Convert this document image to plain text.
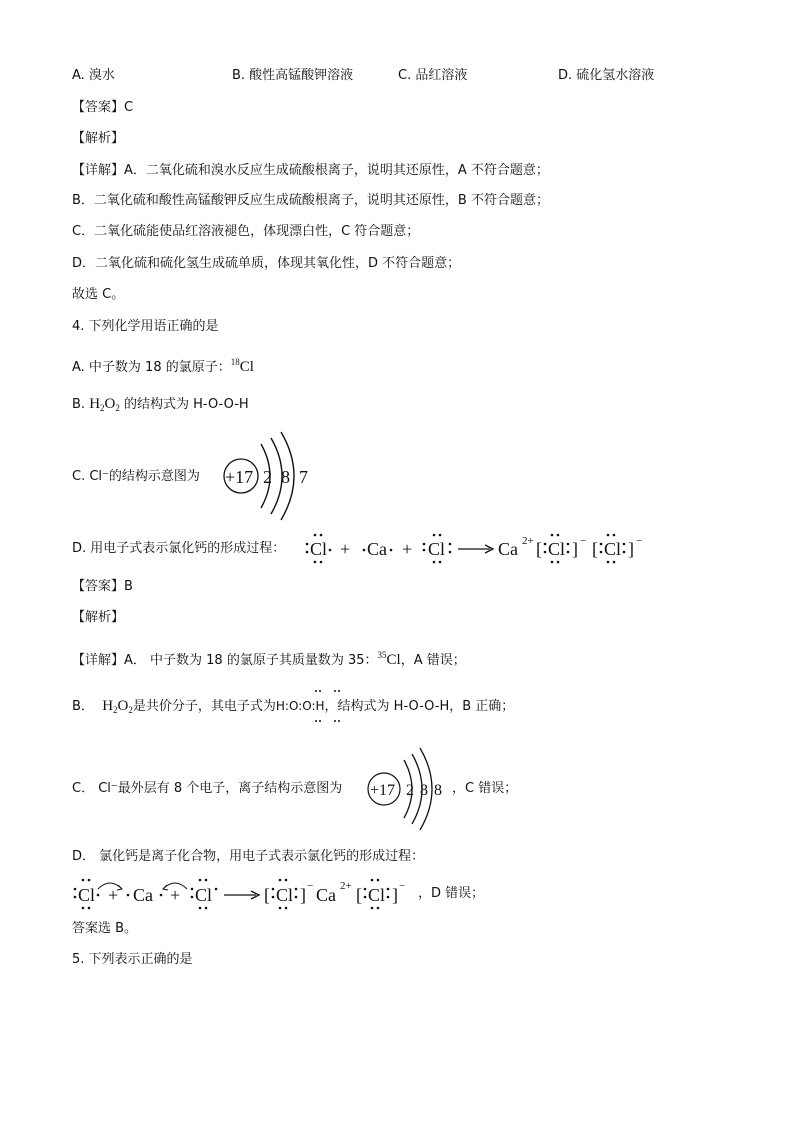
A. 溴水	B. 酸性高锰酸钾溶液	C. 品红溶液	D. 硫化氢水溶液
【答案】C
【解析】
【详解】A．二氧化硫和溴水反应生成硫酸根离子，说明其还原性，A 不符合题意；
B．二氧化硫和酸性高锰酸钾反应生成硫酸根离子，说明其还原性，B 不符合题意；
C．二氧化硫能使品红溶液褪色，体现漂白性，C 符合题意；
D．二氧化硫和硫化氢生成硫单质，体现其氧化性，D 不符合题意；
故选 C。
4. 下列化学用语正确的是
A. 中子数为 18 的氯原子：$^{18}$Cl
B. $H_2O_2$ 的结构式为 H-O-O-H
C. Cl⁻的结构示意图为 +17 2 8 7
D. 用电子式表示氯化钙的形成过程： Cl + Ca + Cl	Ca 2+ [ Cl ] − [ Cl ] −
【答案】B
【解析】
【详解】A． 中子数为 18 的氯原子其质量数为 35：$^{35}$Cl，A 错误；
B． $H_2O_2$是共价分子，其电子式为H:O:O:H，结构式为 H-O-O-H，B 正确；
C． Cl⁻最外层有 8 个电子，离子结构示意图为 +17 2 8 8 ，C 错误；
D． 氯化钙是离子化合物，用电子式表示氯化钙的形成过程：
Cl + Ca + Cl	[ Cl ] − Ca 2+ [ Cl ] − ，D 错误；
答案选 B。
5. 下列表示正确的是
